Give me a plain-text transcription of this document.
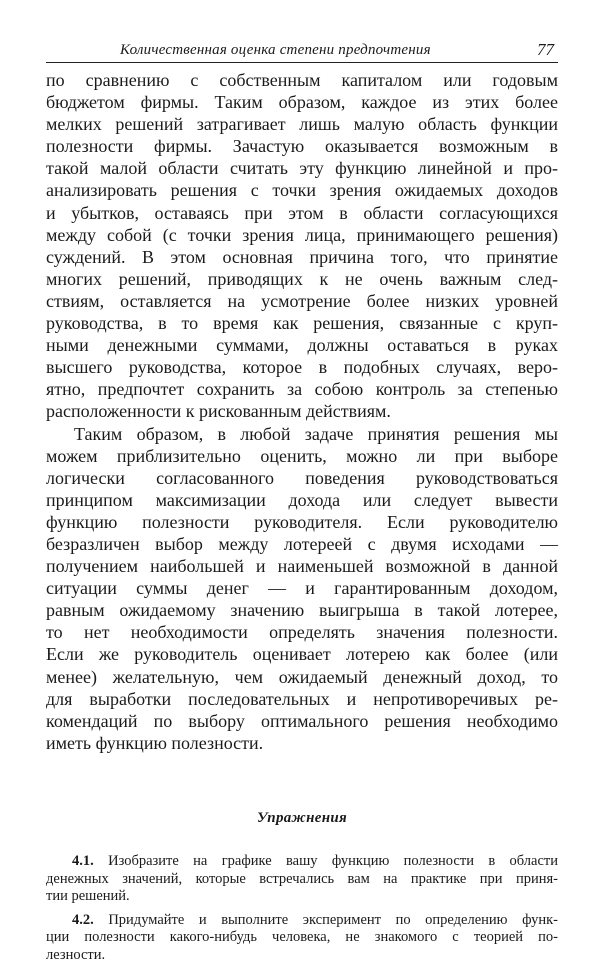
Количественная оценка степени предпочтения	77

по сравнению с собственным капиталом или годовым
бюджетом фирмы. Таким образом, каждое из этих более
мелких решений затрагивает лишь малую область функции
полезности фирмы. Зачастую оказывается возможным в
такой малой области считать эту функцию линейной и про-
анализировать решения с точки зрения ожидаемых доходов
и убытков, оставаясь при этом в области согласующихся
между собой (с точки зрения лица, принимающего решения)
суждений. В этом основная причина того, что принятие
многих решений, приводящих к не очень важным след-
ствиям, оставляется на усмотрение более низких уровней
руководства, в то время как решения, связанные с круп-
ными денежными суммами, должны оставаться в руках
высшего руководства, которое в подобных случаях, веро-
ятно, предпочтет сохранить за собою контроль за степенью
расположенности к рискованным действиям.

Таким образом, в любой задаче принятия решения мы
можем приблизительно оценить, можно ли при выборе
логически согласованного поведения руководствоваться
принципом максимизации дохода или следует вывести
функцию полезности руководителя. Если руководителю
безразличен выбор между лотереей с двумя исходами —
получением наибольшей и наименьшей возможной в данной
ситуации суммы денег — и гарантированным доходом,
равным ожидаемому значению выигрыша в такой лотерее,
то нет необходимости определять значения полезности.
Если же руководитель оценивает лотерею как более (или
менее) желательную, чем ожидаемый денежный доход, то
для выработки последовательных и непротиворечивых ре-
комендаций по выбору оптимального решения необходимо
иметь функцию полезности.

Упражнения
4.1. Изобразите на графике вашу функцию полезности в области
денежных значений, которые встречались вам на практике при приня-
тии решений.
4.2. Придумайте и выполните эксперимент по определению функ-
ции полезности какого-нибудь человека, не знакомого с теорией по-
лезности.
